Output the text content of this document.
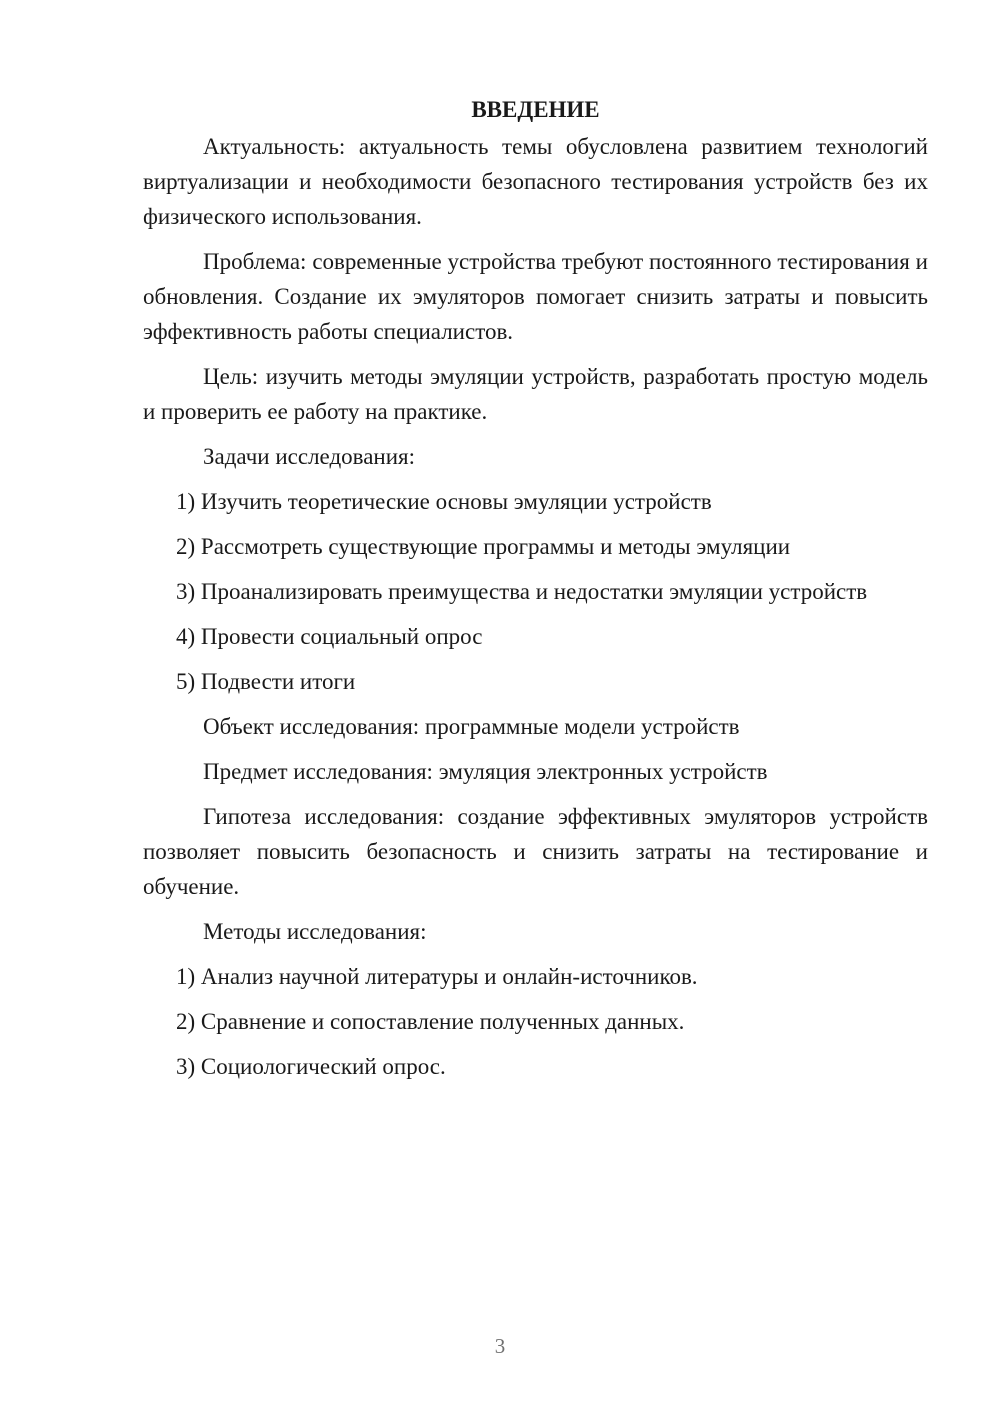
ВВЕДЕНИЕ

Актуальность: актуальность темы обусловлена развитием технологий виртуализации и необходимости безопасного тестирования устройств без их физического использования.

Проблема: современные устройства требуют постоянного тестирования и обновления. Создание их эмуляторов помогает снизить затраты и повысить эффективность работы специалистов.

Цель: изучить методы эмуляции устройств, разработать простую модель и проверить ее работу на практике.

Задачи исследования:
1) Изучить теоретические основы эмуляции устройств
2) Рассмотреть существующие программы и методы эмуляции
3) Проанализировать преимущества и недостатки эмуляции устройств
4) Провести социальный опрос
5) Подвести итоги
Объект исследования: программные модели устройств
Предмет исследования: эмуляция электронных устройств

Гипотеза исследования: создание эффективных эмуляторов устройств позволяет повысить безопасность и снизить затраты на тестирование и обучение.

Методы исследования:
1) Анализ научной литературы и онлайн-источников.
2) Сравнение и сопоставление полученных данных.
3) Социологический опрос.
3
